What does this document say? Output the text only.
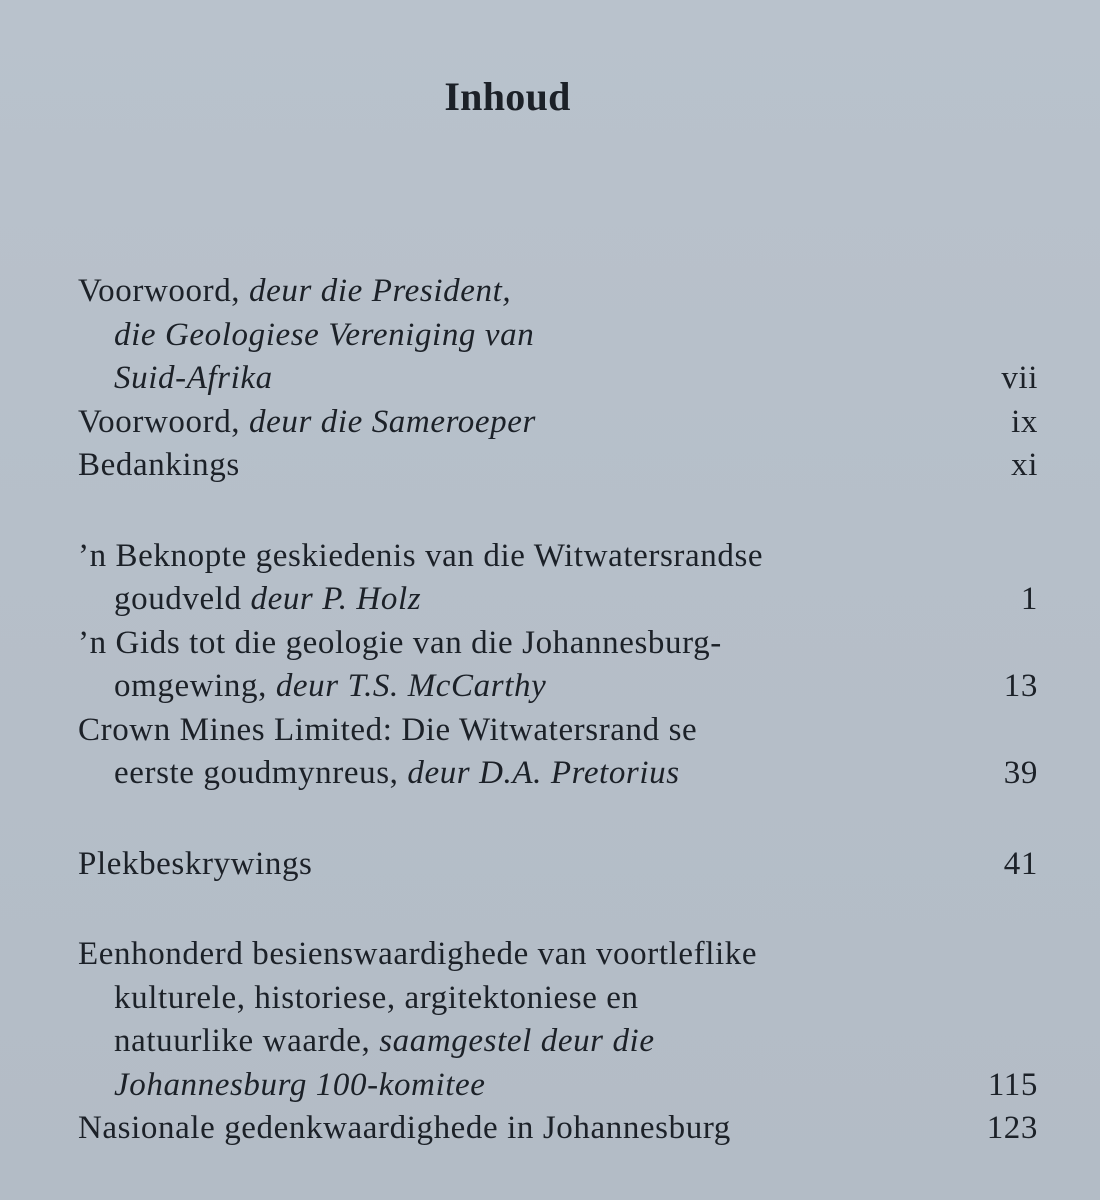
Inhoud
Voorwoord, deur die President,
die Geologiese Vereniging van
Suid-Afrika	vii
Voorwoord, deur die Sameroeper	ix
Bedankings	xi
’n Beknopte geskiedenis van die Witwatersrandse
goudveld deur P. Holz	1
’n Gids tot die geologie van die Johannesburg-
omgewing, deur T.S. McCarthy	13
Crown Mines Limited: Die Witwatersrand se
eerste goudmynreus, deur D.A. Pretorius	39
Plekbeskrywings	41
Eenhonderd besienswaardighede van voortleflike
kulturele, historiese, argitektoniese en
natuurlike waarde, saamgestel deur die
Johannesburg 100-komitee	115
Nasionale gedenkwaardighede in Johannesburg	123
